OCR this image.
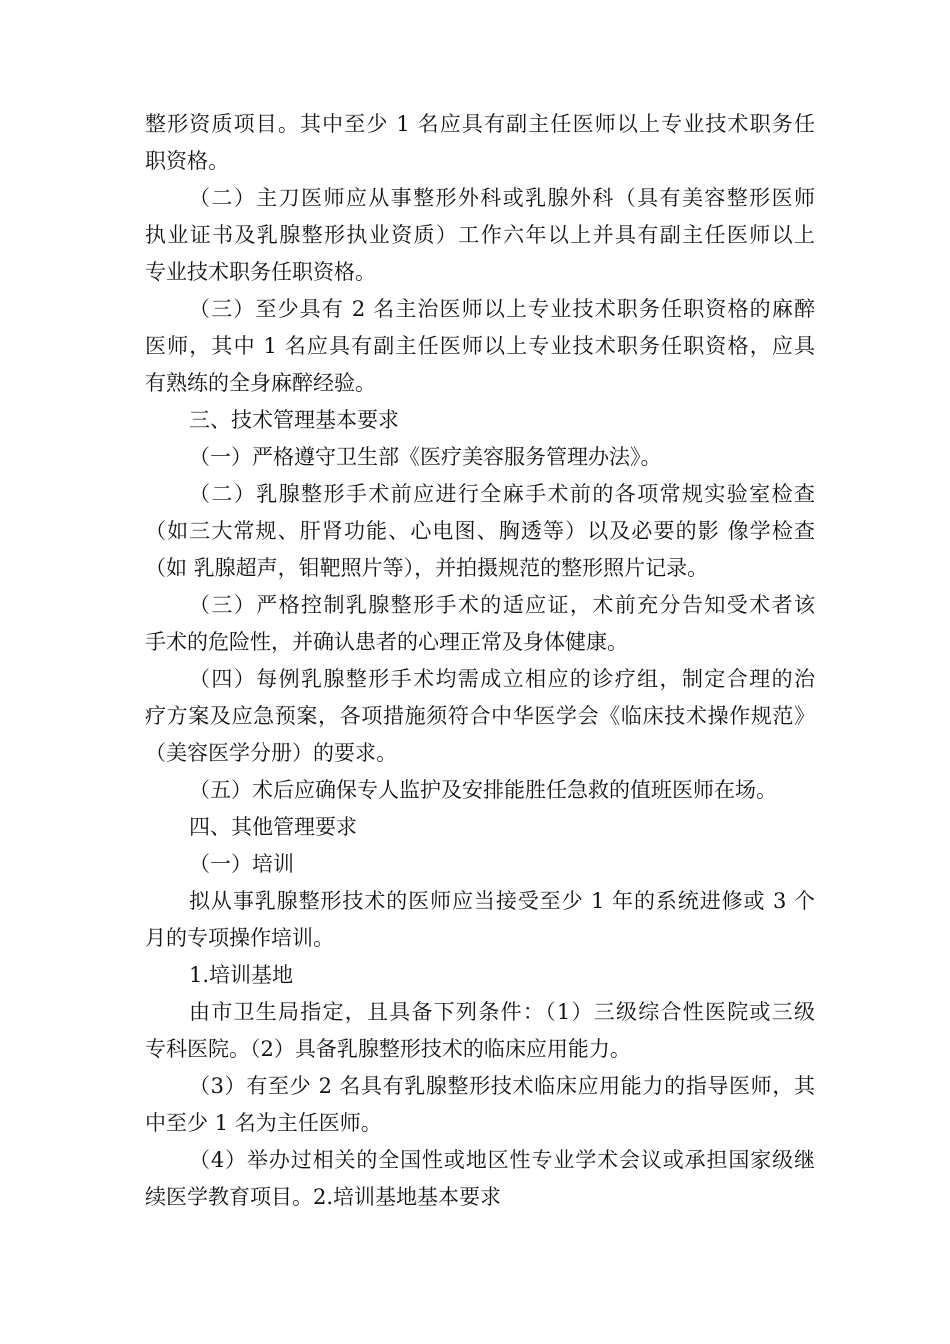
整形资质项目。其中至少 1 名应具有副主任医师以上专业技术职务任
职资格。
（二）主刀医师应从事整形外科或乳腺外科（具有美容整形医师
执业证书及乳腺整形执业资质）工作六年以上并具有副主任医师以上
专业技术职务任职资格。
（三）至少具有 2 名主治医师以上专业技术职务任职资格的麻醉
医师，其中 1 名应具有副主任医师以上专业技术职务任职资格，应具
有熟练的全身麻醉经验。
三、技术管理基本要求
（一）严格遵守卫生部《医疗美容服务管理办法》。
（二）乳腺整形手术前应进行全麻手术前的各项常规实验室检查
（如三大常规、肝肾功能、心电图、胸透等）以及必要的影 像学检查
（如 乳腺超声，钼靶照片等），并拍摄规范的整形照片记录。
（三）严格控制乳腺整形手术的适应证，术前充分告知受术者该
手术的危险性，并确认患者的心理正常及身体健康。
（四）每例乳腺整形手术均需成立相应的诊疗组，制定合理的治
疗方案及应急预案，各项措施须符合中华医学会《临床技术操作规范》
（美容医学分册）的要求。
（五）术后应确保专人监护及安排能胜任急救的值班医师在场。
四、其他管理要求
（一）培训
拟从事乳腺整形技术的医师应当接受至少 1 年的系统进修或 3 个
月的专项操作培训。
1.培训基地
由市卫生局指定，且具备下列条件：（1）三级综合性医院或三级
专科医院。（2）具备乳腺整形技术的临床应用能力。
（3）有至少 2 名具有乳腺整形技术临床应用能力的指导医师，其
中至少 1 名为主任医师。
（4）举办过相关的全国性或地区性专业学术会议或承担国家级继
续医学教育项目。2.培训基地基本要求
